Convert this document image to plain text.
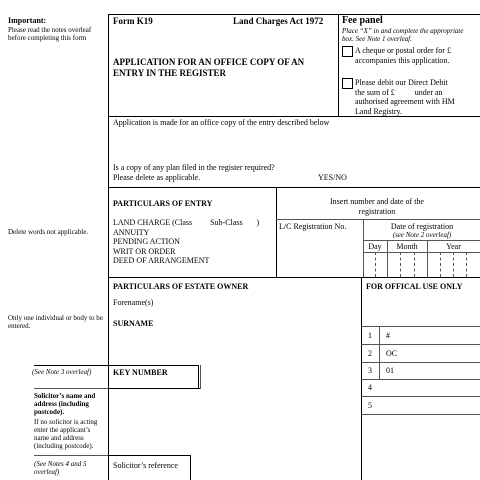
Important:
Please read the notes overleaf before completing this form
Delete words not applicable.
Only one individual or body to be entered.
(See Note 3 overleaf)
Solicitor’s name and address (including postcode).
If no solicitor is acting enter the applicant’s name and address (including postcode).
(See Notes 4 and 5 overleaf)
Form K19	Land Charges Act 1972
APPLICATION FOR AN OFFICE COPY OF AN ENTRY IN THE REGISTER
Fee panel
Place “X” in and complete the appropriate box. See Note 1 overleaf.
A cheque or postal order for £ accompanies this application.
Please debit our Direct Debit
the sum of £          under an
authorised agreement with HM
Land Registry.
Application is made for an office copy of the entry described below
Is a copy of any plan filed in the register required?
Please delete as applicable.	YES/NO
PARTICULARS OF ENTRY
LAND CHARGE (Class         Sub-Class       )
ANNUITY
PENDING ACTION
WRIT OR ORDER
DEED OF ARRANGEMENT
Insert number and date of the registration
L/C Registration No.	Date of registration
(see Note 2 overleaf)
Day	Month	Year
PARTICULARS OF ESTATE OWNER
Forename(s)
SURNAME
FOR OFFICAL USE ONLY
1	#
2	OC
3	01
4
5
KEY NUMBER
Solicitor’s reference
